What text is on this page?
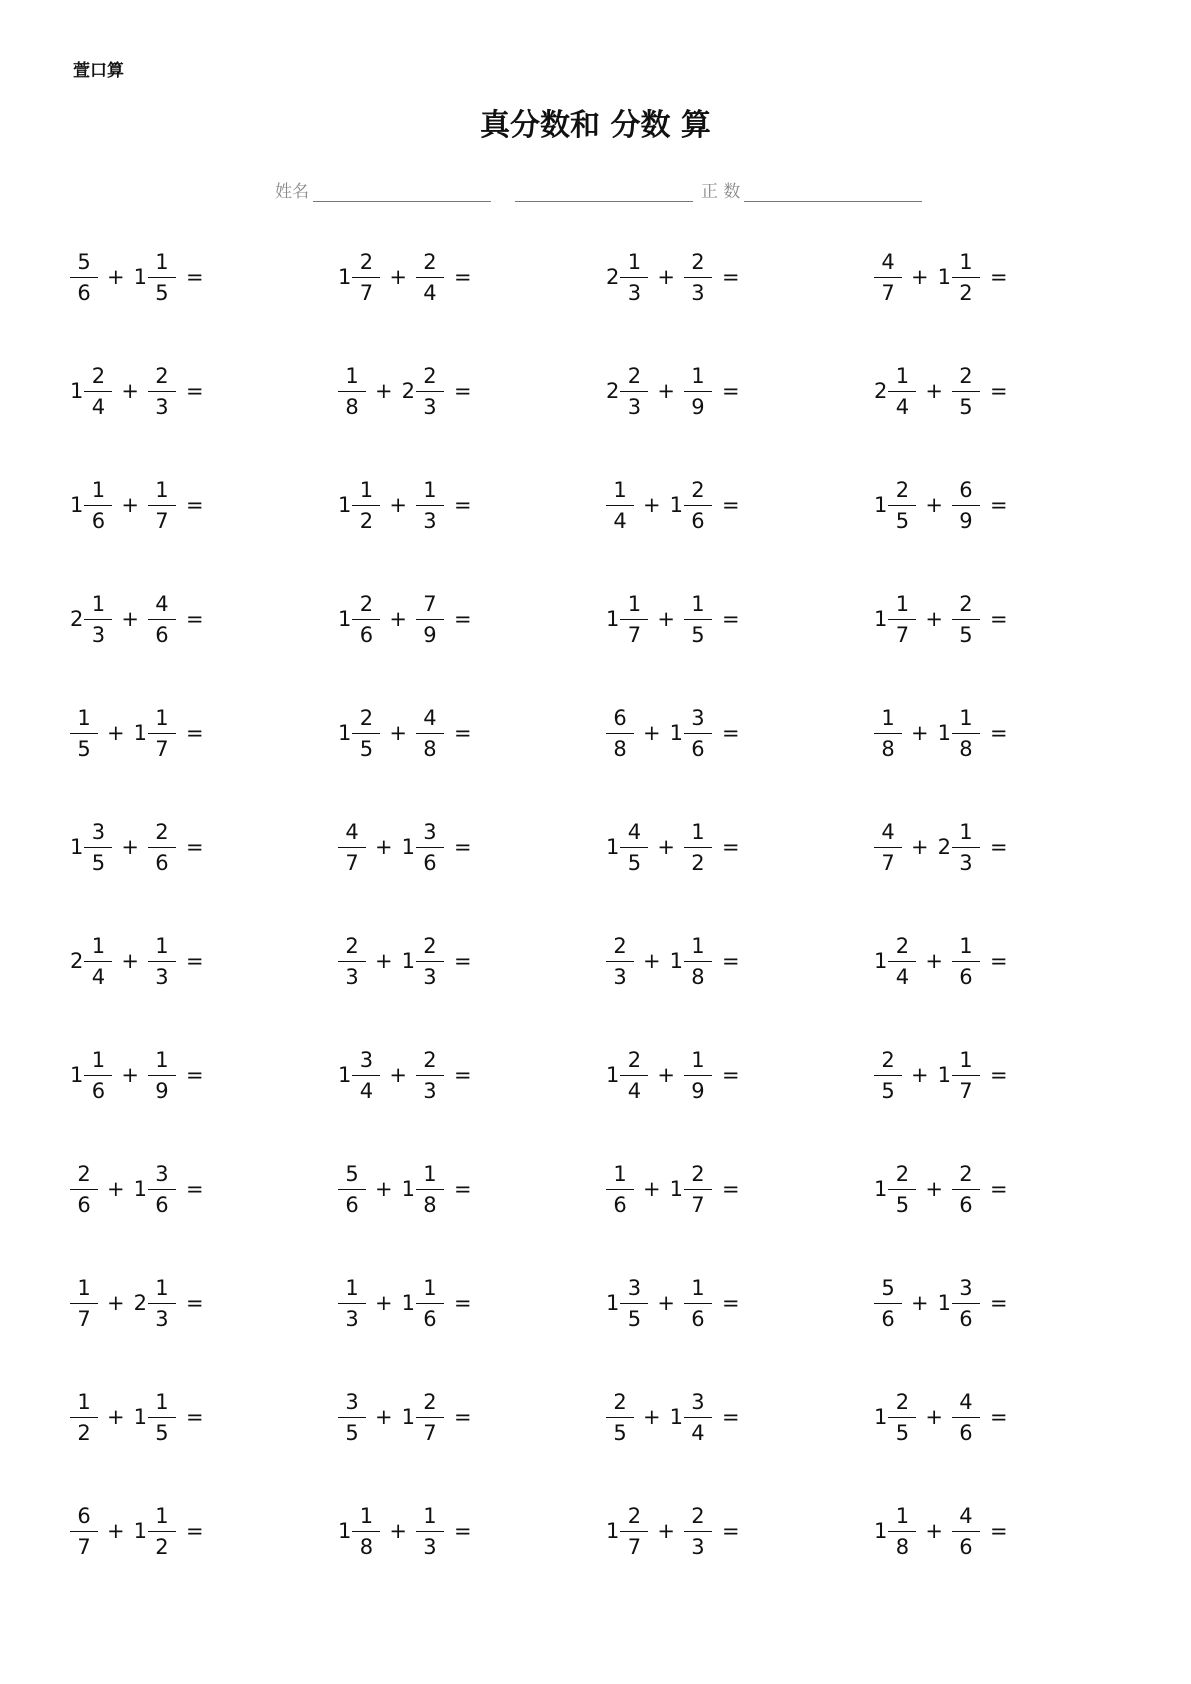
萱口算
真分数和 分数 算
姓名	正 数
$\frac{5}{6} + 1 \frac{1}{5}$ =	$1 \frac{2}{7} + \frac{2}{4}$ =	$2 \frac{1}{3} + \frac{2}{3}$ =	$\frac{4}{7} + 1 \frac{1}{2}$ =
$1 \frac{2}{4} + \frac{2}{3}$ =	$\frac{1}{8} + 2 \frac{2}{3}$ =	$2 \frac{2}{3} + \frac{1}{9}$ =	$2 \frac{1}{4} + \frac{2}{5}$ =
$1 \frac{1}{6} + \frac{1}{7}$ =	$1 \frac{1}{2} + \frac{1}{3}$ =	$\frac{1}{4} + 1 \frac{2}{6}$ =	$1 \frac{2}{5} + \frac{6}{9}$ =
$2 \frac{1}{3} + \frac{4}{6}$ =	$1 \frac{2}{6} + \frac{7}{9}$ =	$1 \frac{1}{7} + \frac{1}{5}$ =	$1 \frac{1}{7} + \frac{2}{5}$ =
$\frac{1}{5} + 1 \frac{1}{7}$ =	$1 \frac{2}{5} + \frac{4}{8}$ =	$\frac{6}{8} + 1 \frac{3}{6}$ =	$\frac{1}{8} + 1 \frac{1}{8}$ =
$1 \frac{3}{5} + \frac{2}{6}$ =	$\frac{4}{7} + 1 \frac{3}{6}$ =	$1 \frac{4}{5} + \frac{1}{2}$ =	$\frac{4}{7} + 2 \frac{1}{3}$ =
$2 \frac{1}{4} + \frac{1}{3}$ =	$\frac{2}{3} + 1 \frac{2}{3}$ =	$\frac{2}{3} + 1 \frac{1}{8}$ =	$1 \frac{2}{4} + \frac{1}{6}$ =
$1 \frac{1}{6} + \frac{1}{9}$ =	$1 \frac{3}{4} + \frac{2}{3}$ =	$1 \frac{2}{4} + \frac{1}{9}$ =	$\frac{2}{5} + 1 \frac{1}{7}$ =
$\frac{2}{6} + 1 \frac{3}{6}$ =	$\frac{5}{6} + 1 \frac{1}{8}$ =	$\frac{1}{6} + 1 \frac{2}{7}$ =	$1 \frac{2}{5} + \frac{2}{6}$ =
$\frac{1}{7} + 2 \frac{1}{3}$ =	$\frac{1}{3} + 1 \frac{1}{6}$ =	$1 \frac{3}{5} + \frac{1}{6}$ =	$\frac{5}{6} + 1 \frac{3}{6}$ =
$\frac{1}{2} + 1 \frac{1}{5}$ =	$\frac{3}{5} + 1 \frac{2}{7}$ =	$\frac{2}{5} + 1 \frac{3}{4}$ =	$1 \frac{2}{5} + \frac{4}{6}$ =
$\frac{6}{7} + 1 \frac{1}{2}$ =	$1 \frac{1}{8} + \frac{1}{3}$ =	$1 \frac{2}{7} + \frac{2}{3}$ =	$1 \frac{1}{8} + \frac{4}{6}$ =
